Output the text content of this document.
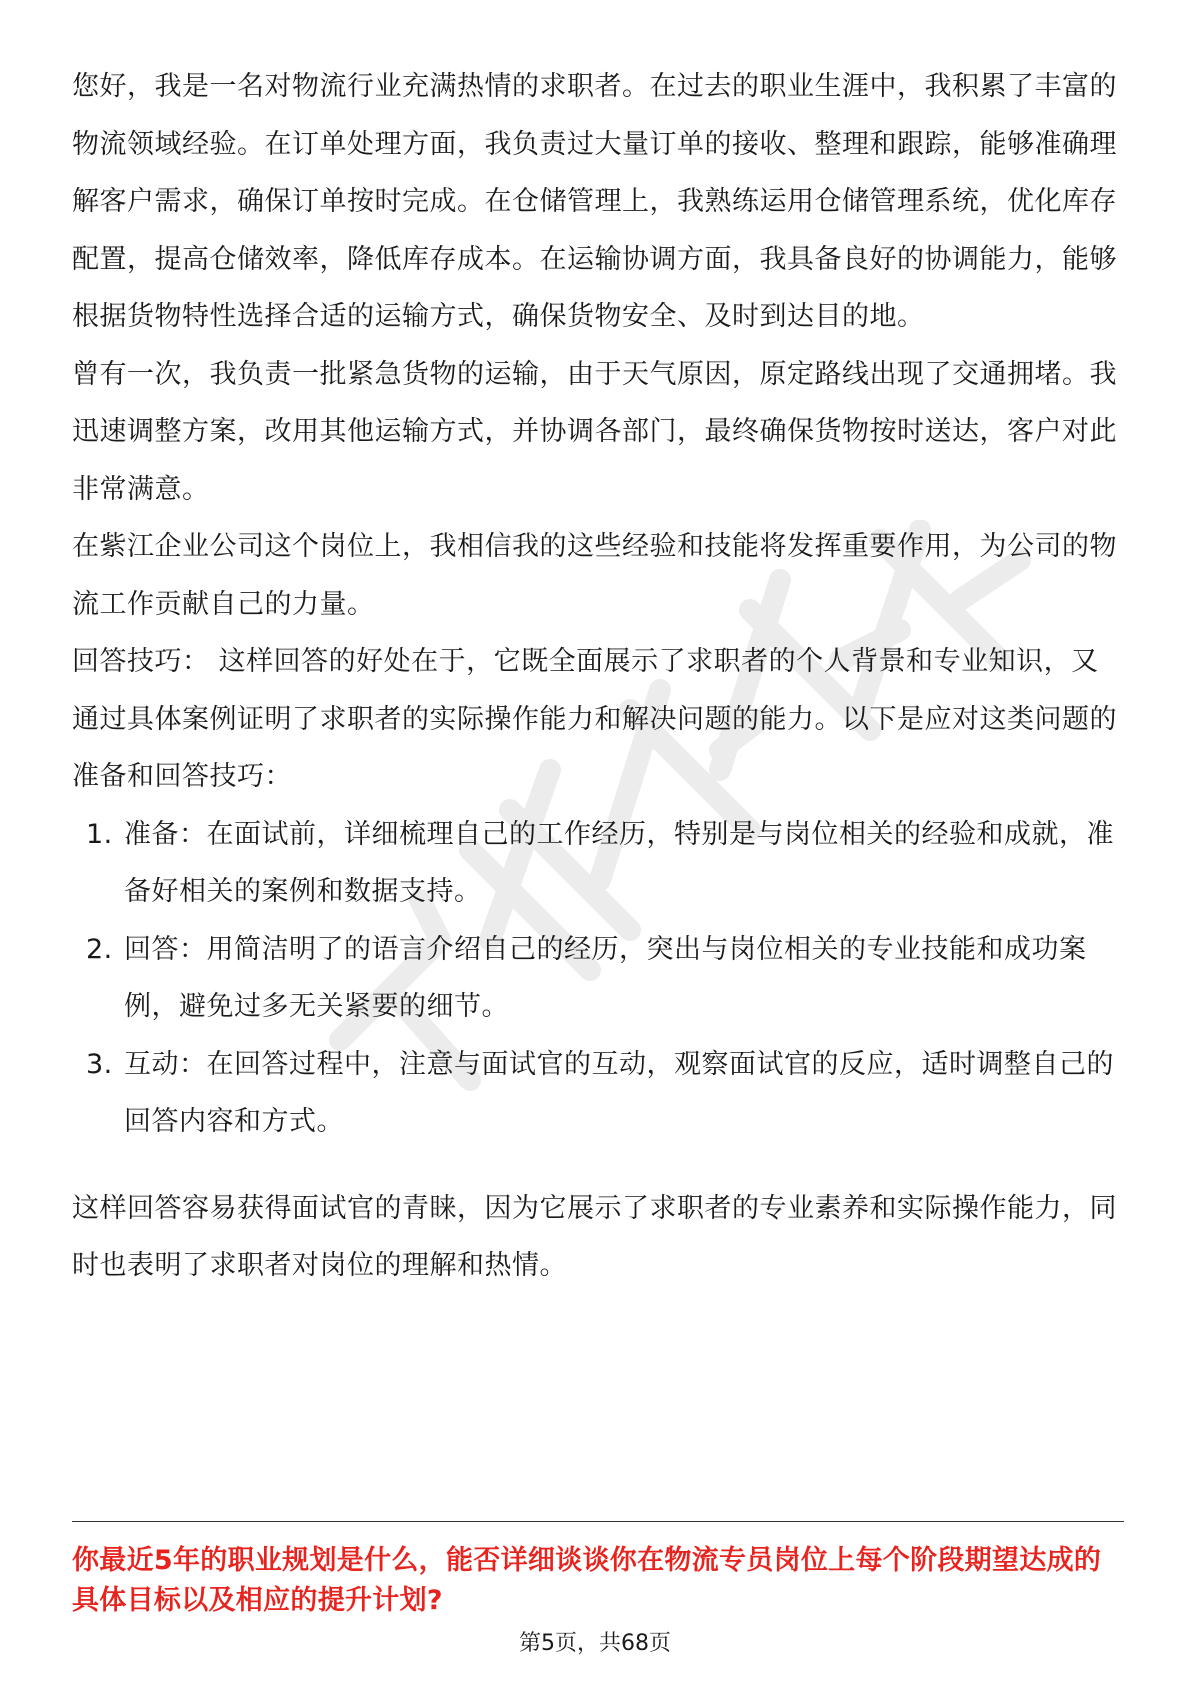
您好，我是一名对物流行业充满热情的求职者。在过去的职业生涯中，我积累了丰富的物流领域经验。在订单处理方面，我负责过大量订单的接收、整理和跟踪，能够准确理解客户需求，确保订单按时完成。在仓储管理上，我熟练运用仓储管理系统，优化库存配置，提高仓储效率，降低库存成本。在运输协调方面，我具备良好的协调能力，能够根据货物特性选择合适的运输方式，确保货物安全、及时到达目的地。

曾有一次，我负责一批紧急货物的运输，由于天气原因，原定路线出现了交通拥堵。我迅速调整方案，改用其他运输方式，并协调各部门，最终确保货物按时送达，客户对此非常满意。

在紫江企业公司这个岗位上，我相信我的这些经验和技能将发挥重要作用，为公司的物流工作贡献自己的力量。

回答技巧： 这样回答的好处在于，它既全面展示了求职者的个人背景和专业知识，又通过具体案例证明了求职者的实际操作能力和解决问题的能力。以下是应对这类问题的准备和回答技巧：

1. 准备：在面试前，详细梳理自己的工作经历，特别是与岗位相关的经验和成就，准备好相关的案例和数据支持。
2. 回答：用简洁明了的语言介绍自己的经历，突出与岗位相关的专业技能和成功案例，避免过多无关紧要的细节。
3. 互动：在回答过程中，注意与面试官的互动，观察面试官的反应，适时调整自己的回答内容和方式。

这样回答容易获得面试官的青睐，因为它展示了求职者的专业素养和实际操作能力，同时也表明了求职者对岗位的理解和热情。

你最近5年的职业规划是什么，能否详细谈谈你在物流专员岗位上每个阶段期望达成的具体目标以及相应的提升计划?

第5页，共68页
